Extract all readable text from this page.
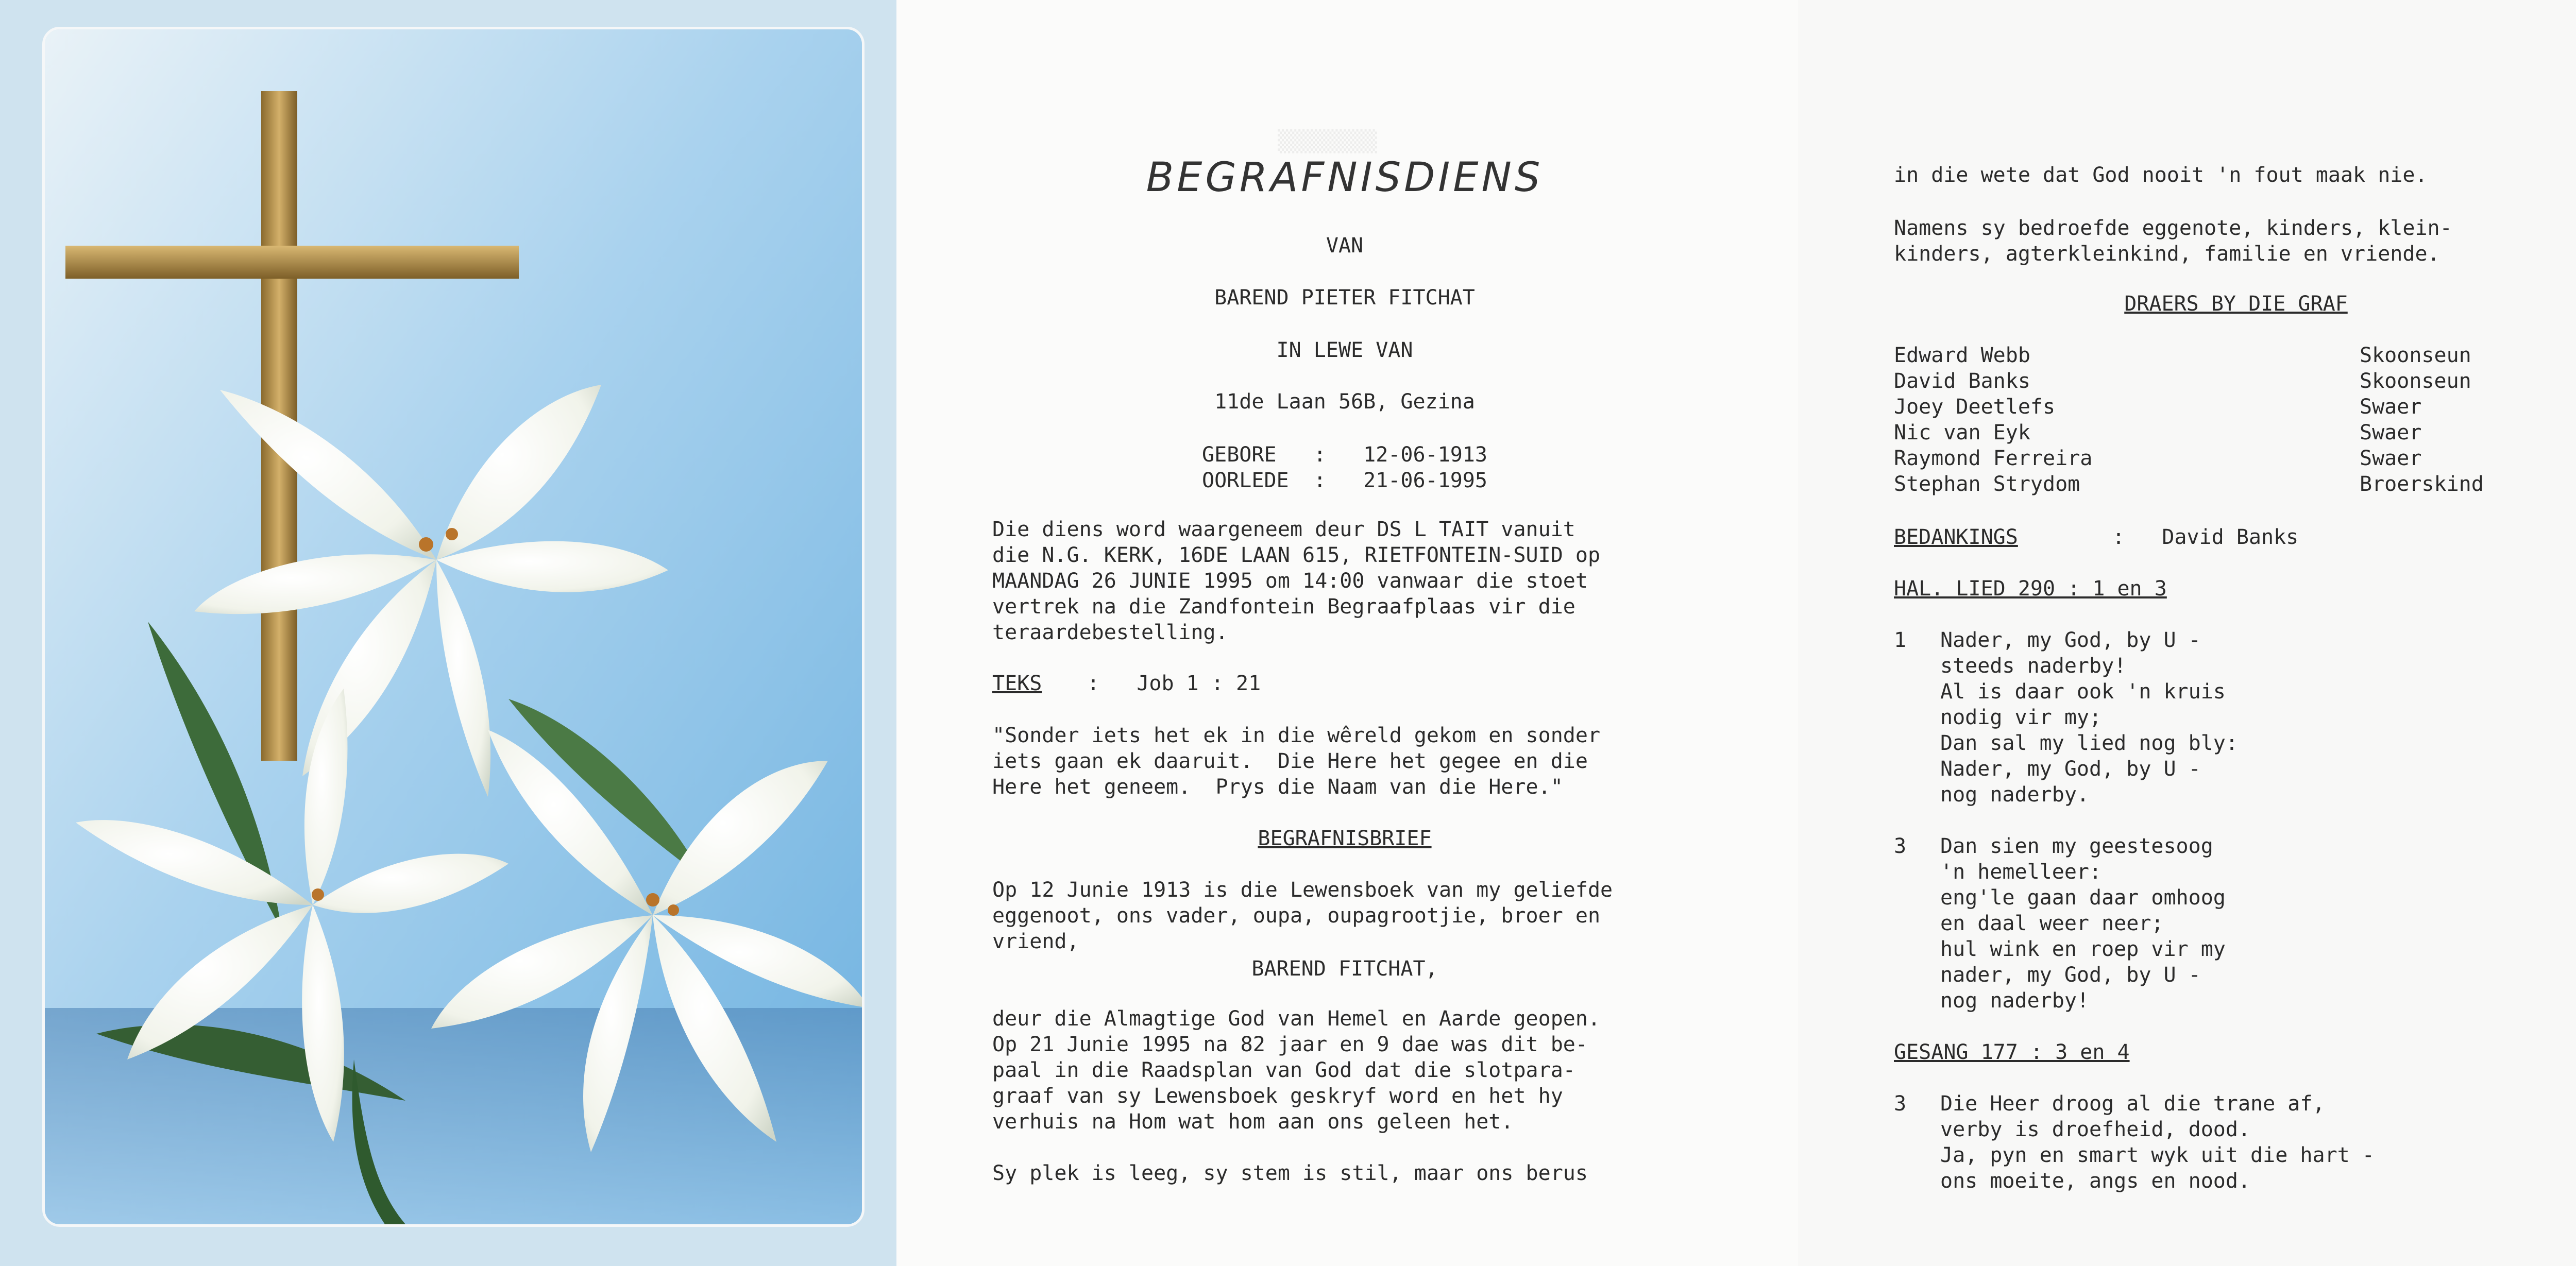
▒▒▒▒▒▒▒▒
BEGRAFNISDIENS
VAN
BAREND PIETER FITCHAT
IN LEWE VAN
11de Laan 56B, Gezina
GEBORE   :   12-06-1913
OORLEDE  :   21-06-1995
Die diens word waargeneem deur DS L TAIT vanuit
die N.G. KERK, 16DE LAAN 615, RIETFONTEIN-SUID op
MAANDAG 26 JUNIE 1995 om 14:00 vanwaar die stoet
vertrek na die Zandfontein Begraafplaas vir die
teraardebestelling.
TEKS :   Job 1 : 21
"Sonder iets het ek in die wêreld gekom en sonder
iets gaan ek daaruit.  Die Here het gegee en die
Here het geneem.  Prys die Naam van die Here."
BEGRAFNISBRIEF
Op 12 Junie 1913 is die Lewensboek van my geliefde
eggenoot, ons vader, oupa, oupagrootjie, broer en
vriend,
BAREND FITCHAT,
deur die Almagtige God van Hemel en Aarde geopen.
Op 21 Junie 1995 na 82 jaar en 9 dae was dit be-
paal in die Raadsplan van God dat die slotpara-
graaf van sy Lewensboek geskryf word en het hy
verhuis na Hom wat hom aan ons geleen het.
Sy plek is leeg, sy stem is stil, maar ons berus
in die wete dat God nooit 'n fout maak nie.
Namens sy bedroefde eggenote, kinders, klein-
kinders, agterkleinkind, familie en vriende.
DRAERS BY DIE GRAF
Edward Webb	Skoonseun
David Banks	Skoonseun
Joey Deetlefs	Swaer
Nic van Eyk	Swaer
Raymond Ferreira	Swaer
Stephan Strydom	Broerskind
BEDANKINGS	:   David Banks
HAL. LIED 290 : 1 en 3
1 Nader, my God, by U -
steeds naderby!
Al is daar ook 'n kruis
nodig vir my;
Dan sal my lied nog bly:
Nader, my God, by U -
nog naderby.
3 Dan sien my geestesoog
'n hemelleer:
eng'le gaan daar omhoog
en daal weer neer;
hul wink en roep vir my
nader, my God, by U -
nog naderby!
GESANG 177 : 3 en 4
3 Die Heer droog al die trane af,
verby is droefheid, dood.
Ja, pyn en smart wyk uit die hart -
ons moeite, angs en nood.
